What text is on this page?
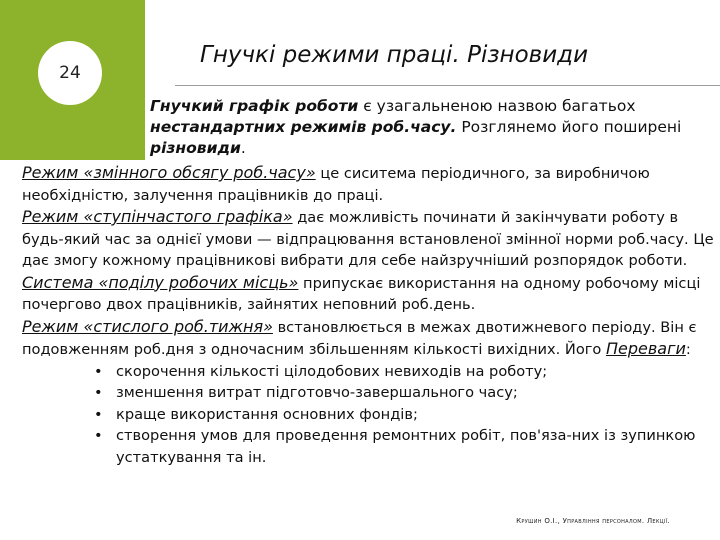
24
Гнучкі режими праці. Різновиди
Гнучкий графік роботи є узагальненою назвою багатьох нестандартних режимів роб.часу. Розглянемо його поширені різновиди.

Режим «змінного обсягу роб.часу» це сиситема періодичного, за виробничою необхідністю, залучення працівників до праці.

Режим «ступінчастого графіка» дає можливість починати й закінчувати роботу в будь-який час за однієї умови — відпрацювання встановленої змінної норми роб.часу. Це дає змогу кожному працівникові вибрати для себе найзручніший розпорядок роботи.

Система «поділу робочих місць» припускає використання на одному робочому місці почергово двох працівників, зайнятих неповний роб.день.

Режим «стислого роб.тижня» встановлюється в межах двотижневого періоду. Він є подовженням роб.дня з одночасним збільшенням кількості вихідних. Його Переваги:

• скорочення кількості цілодобових невиходів на роботу;
• зменшення витрат підготовчо-завершального часу;
• краще використання основних фондів;
• створення умов для проведення ремонтних робіт, пов'яза-них із зупинкою устаткування та ін.
Крушин О.І., Управління персоналом. Лекції.
